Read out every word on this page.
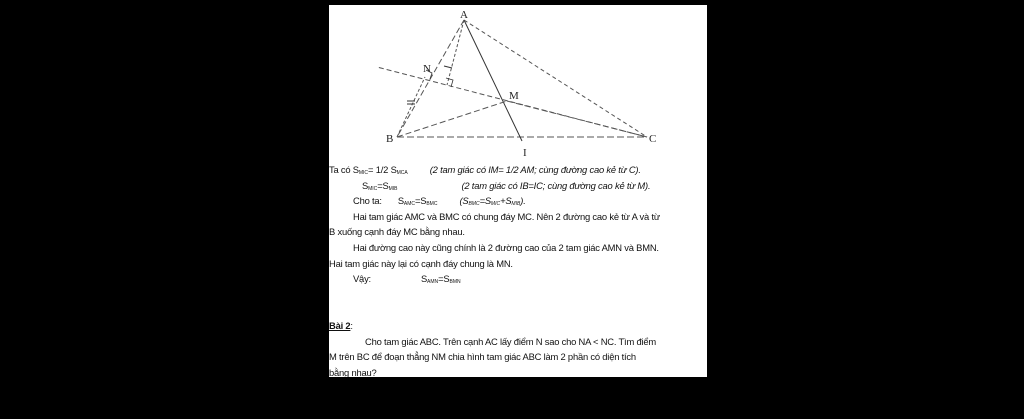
A
N
M
B	C
I
Ta có $S_{MIC}= 1/2$ $S_{MCA}$ (2 tam giác có IM= 1/2 AM; cùng đường cao kẻ từ C).
$S_{MIC}=S_{MIB}$	(2 tam giác có IB=IC; cùng đường cao kẻ từ M).
Cho ta: $S_{AMC}=S_{BMC}$ $(S_{BMC}=S_{MIC}+S_{MIB})$.
Hai tam giác AMC và BMC có chung đáy MC. Nên 2 đường cao kẻ từ A và từ
B xuống cạnh đáy MC bằng nhau.
Hai đường cao này cũng chính là 2 đường cao của 2 tam giác AMN và BMN.
Hai tam giác này lại có cạnh đáy chung là MN.
Vậy:	$S_{AMN}=S_{BMN}$
Bài 2:
Cho tam giác ABC. Trên cạnh AC lấy điểm N sao cho NA < NC. Tìm điểm
M trên BC để đoạn thẳng NM chia hình tam giác ABC làm 2 phần có diện tích
bằng nhau?
